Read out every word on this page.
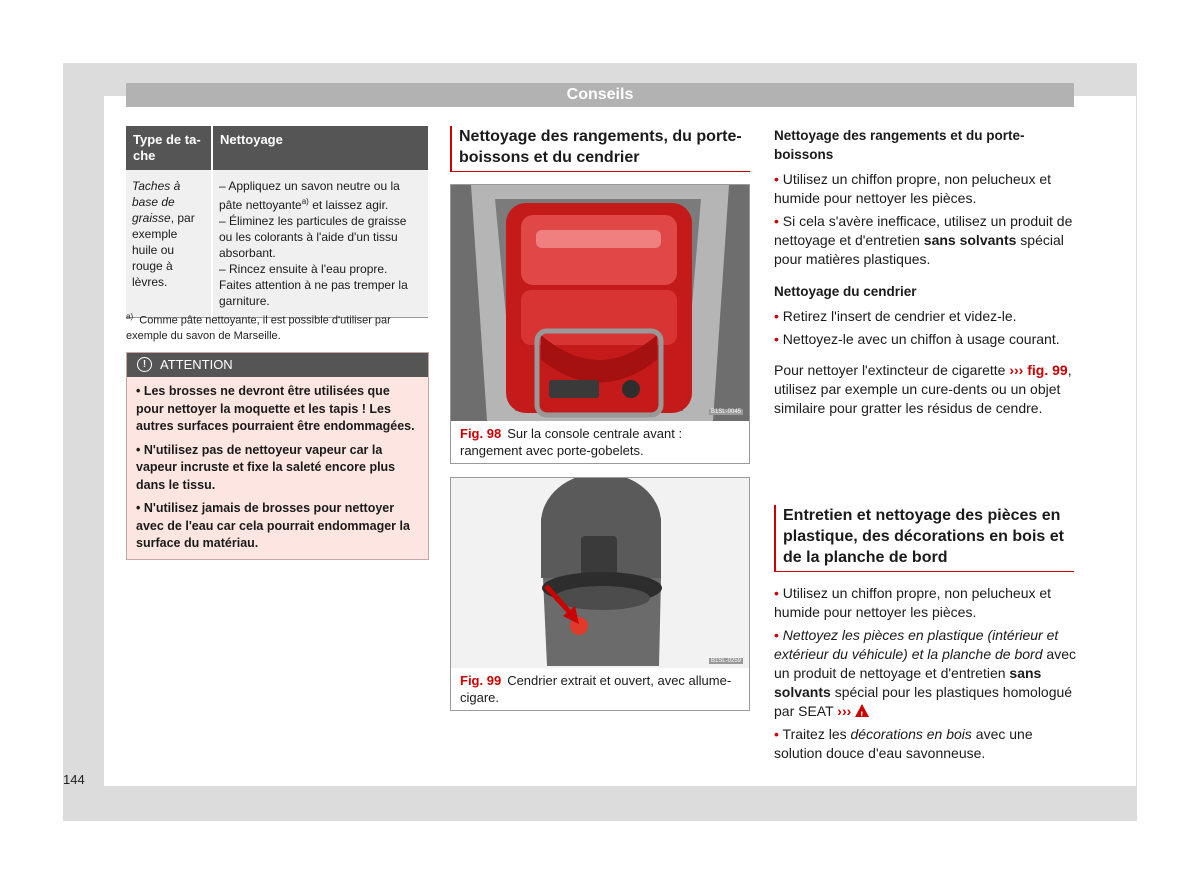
Conseils
Type de ta-che	Nettoyage
Taches à base de graisse, par exemple huile ou rouge à lèvres.	– Appliquez un savon neutre ou la pâte nettoyante$^{a)}$ et laissez agir.
– Éliminez les particules de graisse ou les colorants à l'aide d'un tissu absorbant.
– Rincez ensuite à l'eau propre. Faites attention à ne pas tremper la garniture.
$^{a)}$ Comme pâte nettoyante, il est possible d'utiliser par exemple du savon de Marseille.
! ATTENTION

• Les brosses ne devront être utilisées que pour nettoyer la moquette et les tapis ! Les autres surfaces pourraient être endommagées.

• N'utilisez pas de nettoyeur vapeur car la vapeur incruste et fixe la saleté encore plus dans le tissu.

• N'utilisez jamais de brosses pour nettoyer avec de l'eau car cela pourrait endommager la surface du matériau.

Nettoyage des rangements, du porte-boissons et du cendrier
B1SL-0045
Fig. 98 Sur la console centrale avant : rangement avec porte-gobelets.
B1SL-0259
Fig. 99 Cendrier extrait et ouvert, avec allume-cigare.
Nettoyage des rangements et du porte-boissons

• Utilisez un chiffon propre, non pelucheux et humide pour nettoyer les pièces.

• Si cela s'avère inefficace, utilisez un produit de nettoyage et d'entretien sans solvants spécial pour matières plastiques.

Nettoyage du cendrier

• Retirez l'insert de cendrier et videz-le.

• Nettoyez-le avec un chiffon à usage courant.

Pour nettoyer l'extincteur de cigarette ››› fig. 99, utilisez par exemple un cure-dents ou un objet similaire pour gratter les résidus de cendre.

Entretien et nettoyage des pièces en plastique, des décorations en bois et de la planche de bord

• Utilisez un chiffon propre, non pelucheux et humide pour nettoyer les pièces.

• Nettoyez les pièces en plastique (intérieur et extérieur du véhicule) et la planche de bord avec un produit de nettoyage et d'entretien sans solvants spécial pour les plastiques homologué par SEAT ››› !

• Traitez les décorations en bois avec une solution douce d'eau savonneuse.

144
